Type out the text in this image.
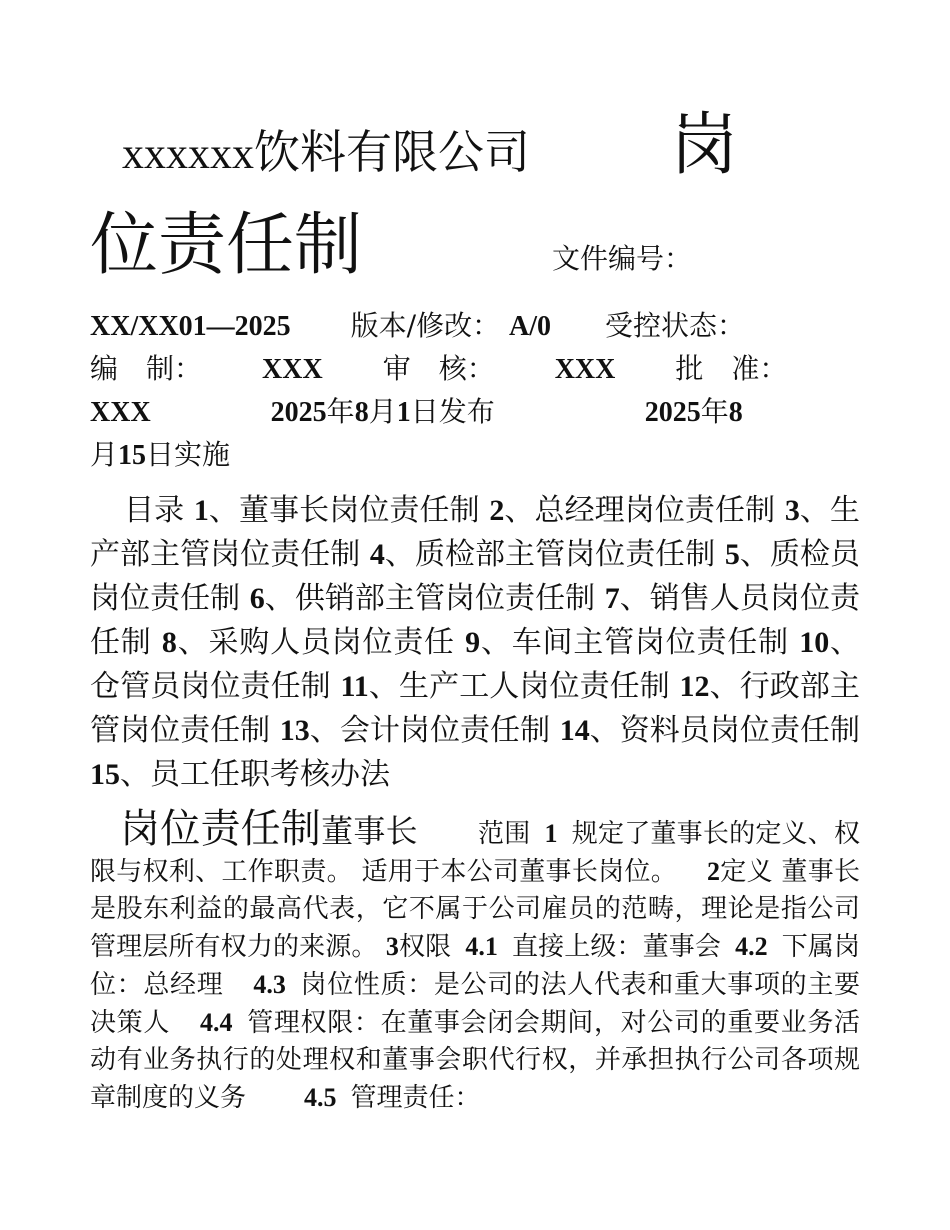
xxxxxx饮料有限公司 岗
位责任制	文件编号：
XX/XX01—2025 版本/修改： A/0 受控状态：
编　制： XXX 审　核： XXX 批　准：
XXX	2025年8月1日发布	2025年8
月15日实施
目录 1、董事长岗位责任制 2、总经理岗位责任制 3、生产部主管岗位责任制 4、质检部主管岗位责任制 5、质检员岗位责任制 6、供销部主管岗位责任制 7、销售人员岗位责任制 8、采购人员岗位责任 9、车间主管岗位责任制 10、仓管员岗位责任制 11、生产工人岗位责任制 12、行政部主管岗位责任制 13、会计岗位责任制 14、资料员岗位责任制 15、员工任职考核办法
岗位责任制董事长 范围 1 规定了董事长的定义、权限与权利、工作职责。 适用于本公司董事长岗位。 2定义 董事长是股东利益的最高代表，它不属于公司雇员的范畴，理论是指公司管理层所有权力的来源。 3权限 4.1 直接上级：董事会 4.2 下属岗位：总经理 4.3 岗位性质：是公司的法人代表和重大事项的主要决策人 4.4 管理权限：在董事会闭会期间，对公司的重要业务活动有业务执行的处理权和董事会职代行权，并承担执行公司各项规章制度的义务 4.5 管理责任：
